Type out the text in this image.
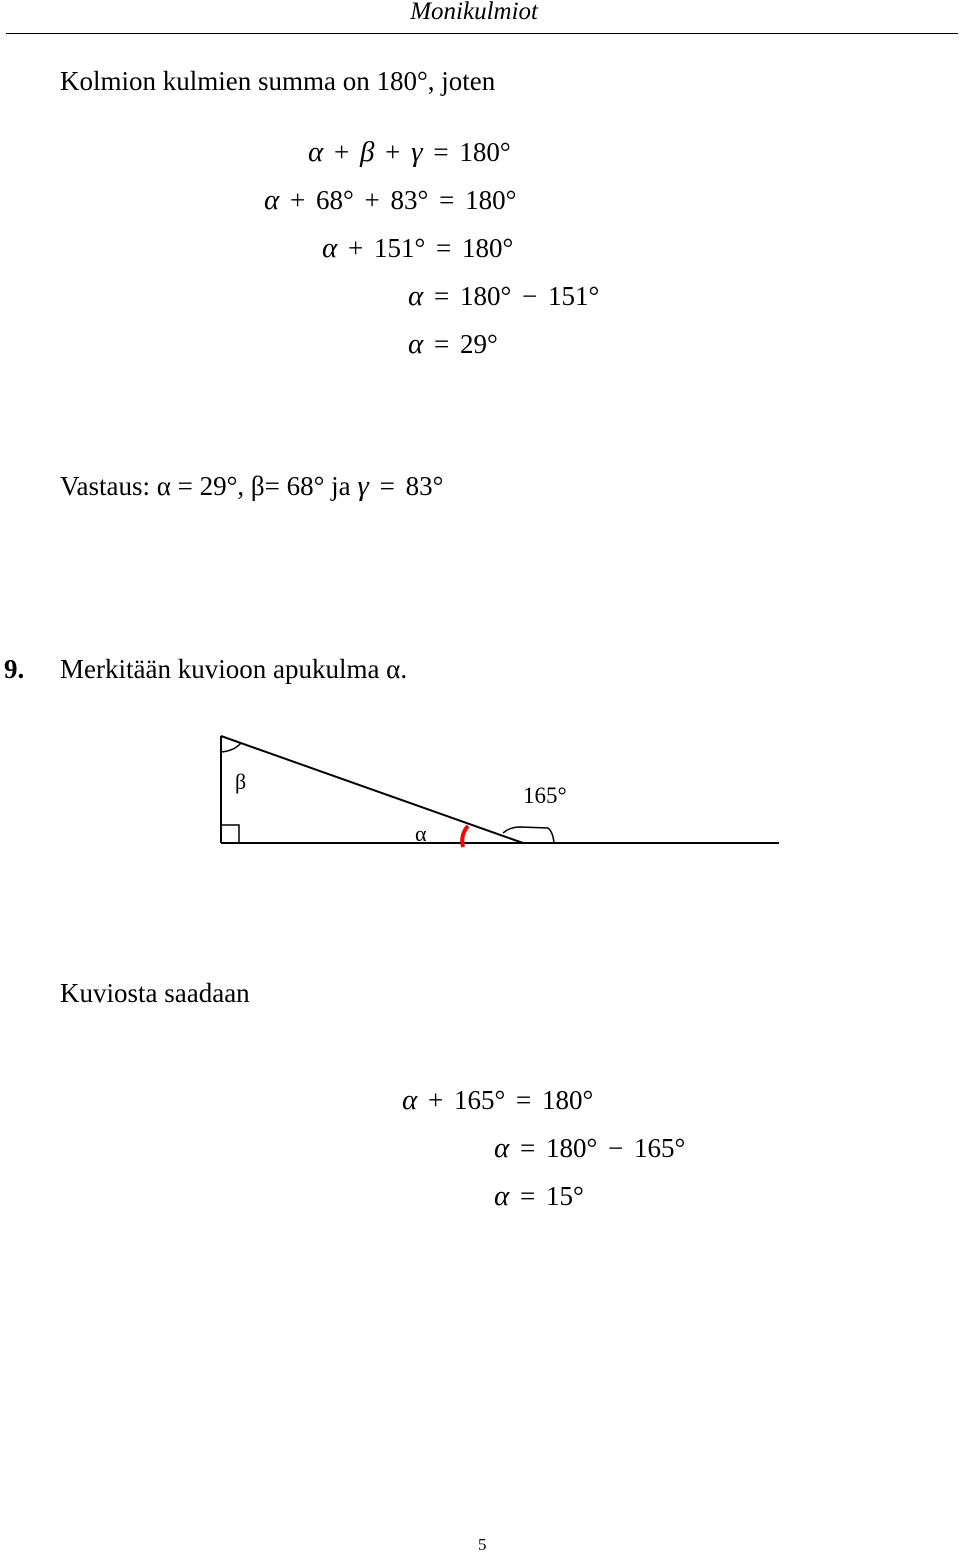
Monikulmiot
Kolmion kulmien summa on 180°, joten
α + β + γ = 180°
α + 68° + 83° = 180°
α + 151° = 180°
α = 180° − 151°
α = 29°
Vastaus: α = 29°, β= 68° ja γ = 83°
9. Merkitään kuvioon apukulma α.
β
α
165°
Kuviosta saadaan
α + 165° = 180°
α = 180° − 165°
α = 15°
5
